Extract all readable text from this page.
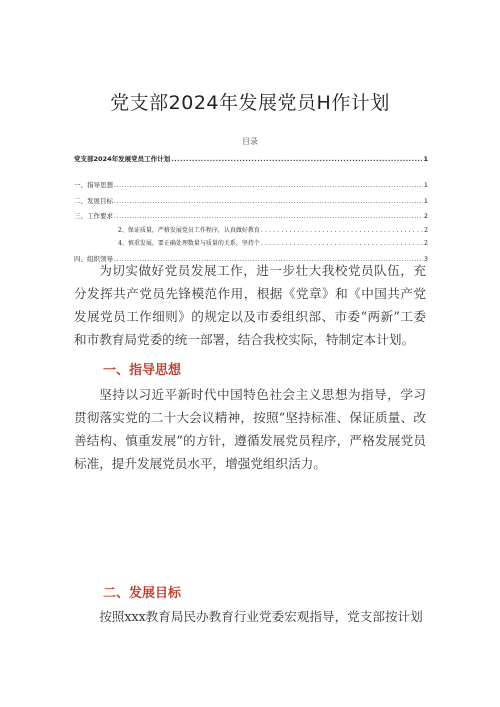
党支部2024年发展党员H作计划
目录
党支部2024年发展党员工作计划 .....	1
一、指导思想 .....	1
二、发展目标 .....	1
三、工作要求 .....	2
2、保证质量，严格发展党员工作程序，认真做好教育 .....	2
4、慎重发展，要正确处理数量与质量的关系，坚持个 .....	2
四、组织领导 .....	3

为切实做好党员发展工作，进一步壮大我校党员队伍，充分发挥共产党员先锋模范作用，根据《党章》和《中国共产党发展党员工作细则》的规定以及市委组织部、市委“两新”工委和市教育局党委的统一部署，结合我校实际，特制定本计划。

一、指导思想

坚持以习近平新时代中国特色社会主义思想为指导，学习贯彻落实党的二十大会议精神，按照“坚持标准、保证质量、改善结构、慎重发展”的方针，遵循发展党员程序，严格发展党员标准，提升发展党员水平，增强党组织活力。

二、发展目标

按照xxx教育局民办教育行业党委宏观指导，党支部按计划
